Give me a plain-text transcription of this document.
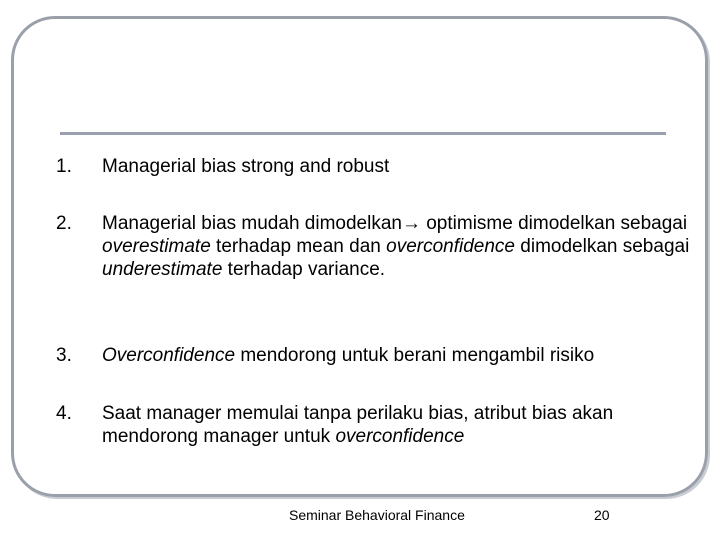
1. Managerial bias strong and robust
2. Managerial bias mudah dimodelkan→ optimisme dimodelkan sebagai overestimate terhadap mean dan overconfidence dimodelkan sebagai underestimate terhadap variance.
3. Overconfidence mendorong untuk berani mengambil risiko
4. Saat manager memulai tanpa perilaku bias, atribut bias akan mendorong manager untuk overconfidence
Seminar Behavioral Finance	20
